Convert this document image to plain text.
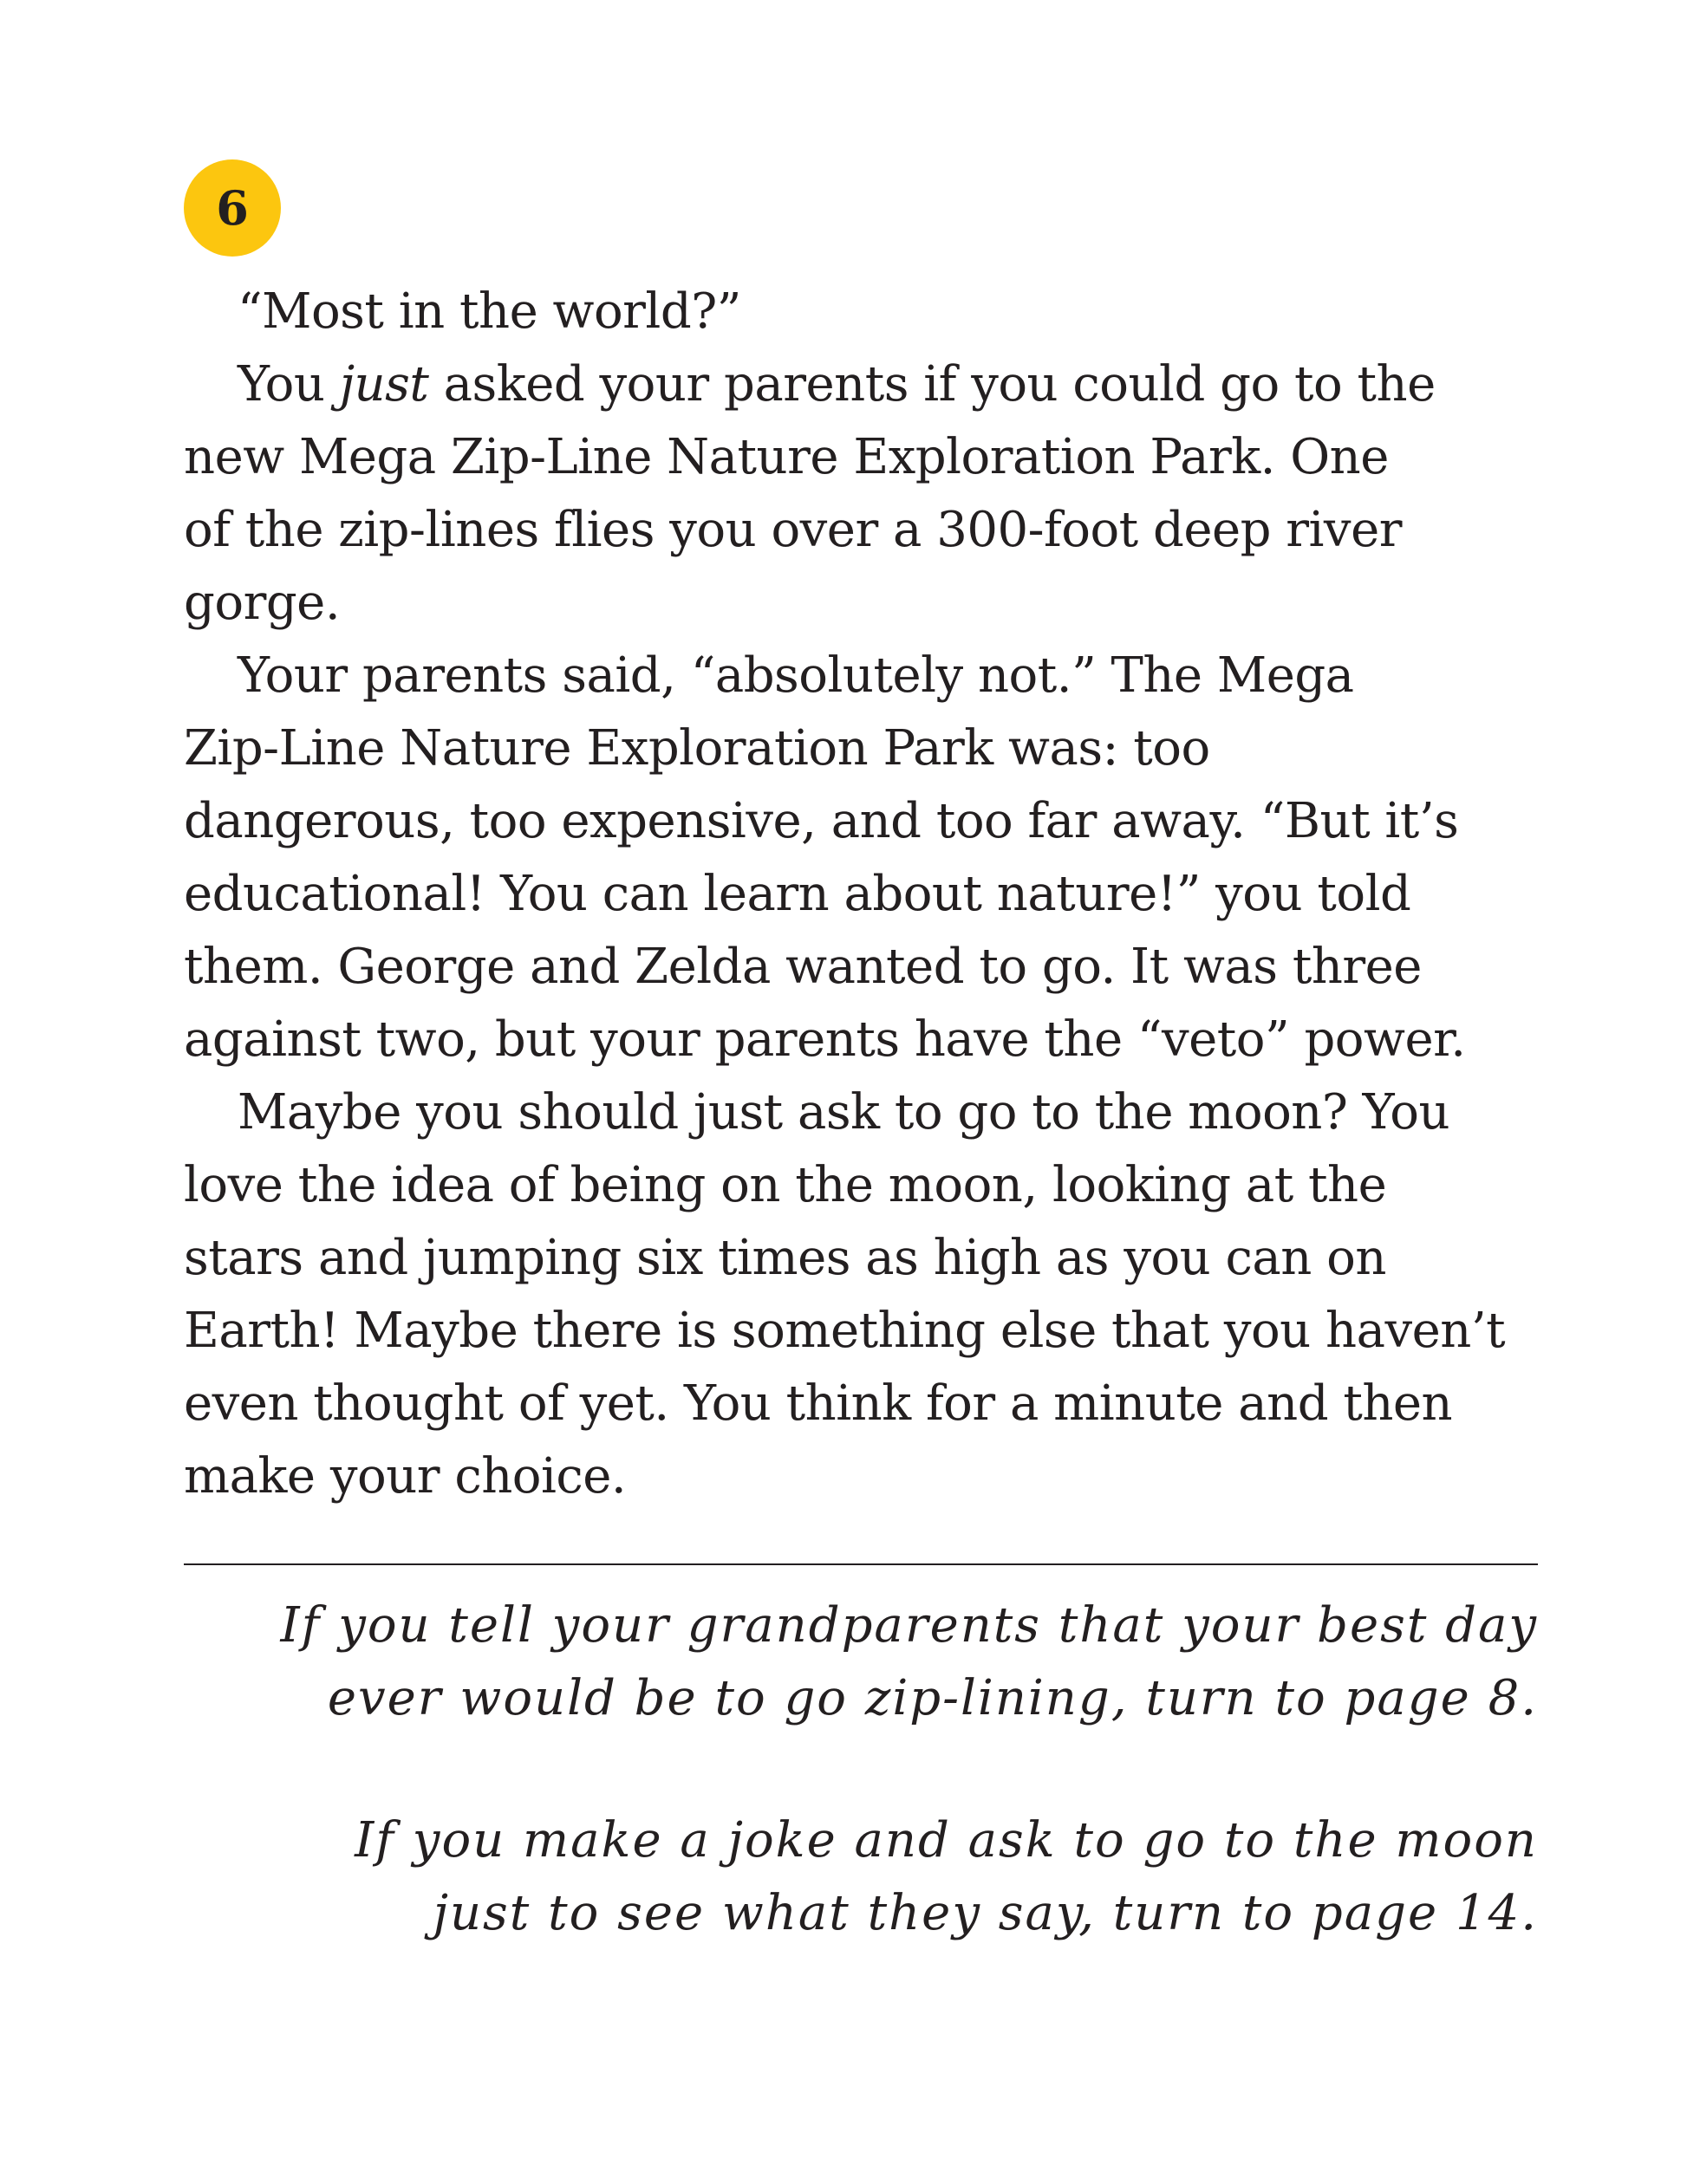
6

“Most in the world?”

You just asked your parents if you could go to the
new Mega Zip-Line Nature Exploration Park. One
of the zip-lines flies you over a 300-foot deep river
gorge.

Your parents said, “absolutely not.” The Mega
Zip-Line Nature Exploration Park was: too
dangerous, too expensive, and too far away. “But it’s
educational! You can learn about nature!” you told
them. George and Zelda wanted to go. It was three
against two, but your parents have the “veto” power.

Maybe you should just ask to go to the moon? You
love the idea of being on the moon, looking at the
stars and jumping six times as high as you can on
Earth! Maybe there is something else that you haven’t
even thought of yet. You think for a minute and then
make your choice.

If you tell your grandparents that your best day
ever would be to go zip-lining, turn to page 8.
If you make a joke and ask to go to the moon
just to see what they say, turn to page 14.
